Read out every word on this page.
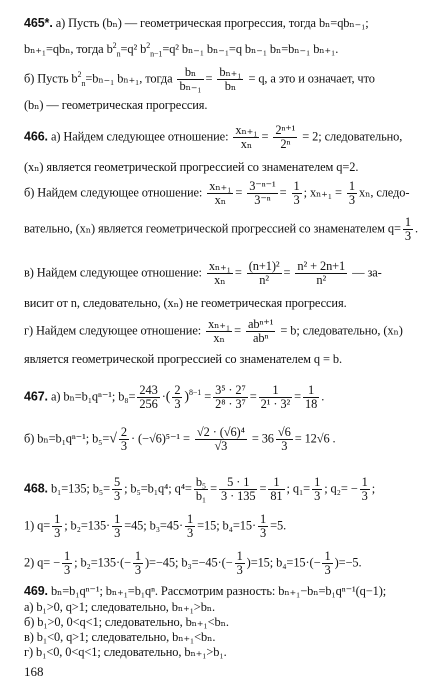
465*. а) Пусть (bₙ) — геометрическая прогрессия, тогда bₙ=qbₙ₋₁;
bₙ₊₁=qbₙ, тогда $b^2_n=q^2$ $b^2_{n-1}=q^2$ bₙ₋₁ bₙ₋₁=q bₙ₋₁ bₙ=bₙ₋₁ bₙ₊₁.
б) Пусть $b^2_n=b_{n-1}$ bₙ₊₁, тогда $\frac{\text{bₙ}}{\text{bₙ₋₁}} = \frac{\text{bₙ₊₁}}{\text{bₙ}} = q$, а это и означает, что
(bₙ) — геометрическая прогрессия.
466. а) Найдем следующее отношение: $\frac{\text{xₙ₊₁}}{\text{xₙ}} = \frac{\text{2ⁿ⁺¹}}{\text{2ⁿ}} = 2$; следовательно,
(xₙ) является геометрической прогрессией со знаменателем q=2.
б) Найдем следующее отношение: $\frac{\text{xₙ₊₁}}{\text{xₙ}} = \frac{\text{3⁻ⁿ⁻¹}}{\text{3⁻ⁿ}} = \frac{1}{3}$ ; $x_{n+1} = \frac{1}{3} x_n$, следо-
вательно, (xₙ) является геометрической прогрессией со знаменателем $q= \frac{1}{3}$ .
в) Найдем следующее отношение: $\frac{\text{xₙ₊₁}}{\text{xₙ}} = \frac{\text{(n+1)²}}{\text{n²}} = \frac{\text{n² + 2n+1}}{\text{n²}}$ — за-
висит от n, следовательно, (xₙ) не геометрическая прогрессия.
г) Найдем следующее отношение: $\frac{\text{xₙ₊₁}}{\text{xₙ}} = \frac{\text{abⁿ⁺¹}}{\text{abⁿ}} = b$; следовательно, (xₙ)
является геометрической прогрессией со знаменателем q = b.
467. а) bₙ=b₁qⁿ⁻¹; $b_8= \frac{243}{256}$ ·( $\frac{2}{3} )^{8-1} = \frac{\text{3⁵ · 2⁷}}{\text{2⁸ · 3⁷}} = \frac{1}{\text{2¹ · 3²}} = \frac{1}{18}$ .
б) bₙ=b₁qⁿ⁻¹; $b_5=√ \frac{2}{3} \cdot (-√6)^{5-1} = \frac{\text{√2 · (√6)⁴}}{√3} = 36 \frac{√6}{3} = 12√6$ .
468. b₁=135; $b_5= \frac{5}{3}$ ; b₅=b₁q⁴; $q^4= \frac{\text{b₅}}{\text{b₁}} = \frac{5 \cdot 1}{3 \cdot 135} = \frac{1}{81}$ ; $q_1= \frac{1}{3}$ ; $q_2= - \frac{1}{3}$ ;
1) $q= \frac{1}{3}$ ; $b_2=135\cdot \frac{1}{3} =45$; $b_3=45\cdot \frac{1}{3} =15$; $b_4=15\cdot \frac{1}{3} =5$.
2) $q= - \frac{1}{3}$ ; $b_2=135\cdot(- \frac{1}{3} )=-45$; $b_3=-45\cdot(- \frac{1}{3} )=15$; $b_4=15\cdot(- \frac{1}{3} )=-5$.
469. bₙ=b₁qⁿ⁻¹; bₙ₊₁=b₁qⁿ. Рассмотрим разность: bₙ₊₁−bₙ=b₁qⁿ⁻¹(q−1);
а) b₁>0, q>1; следовательно, bₙ₊₁>bₙ.
б) b₁>0, 0<q<1; следовательно, bₙ₊₁<bₙ.
в) b₁<0, q>1; следовательно, bₙ₊₁<bₙ.
г) b₁<0, 0<q<1; следовательно, bₙ₊₁>b₁.
168
